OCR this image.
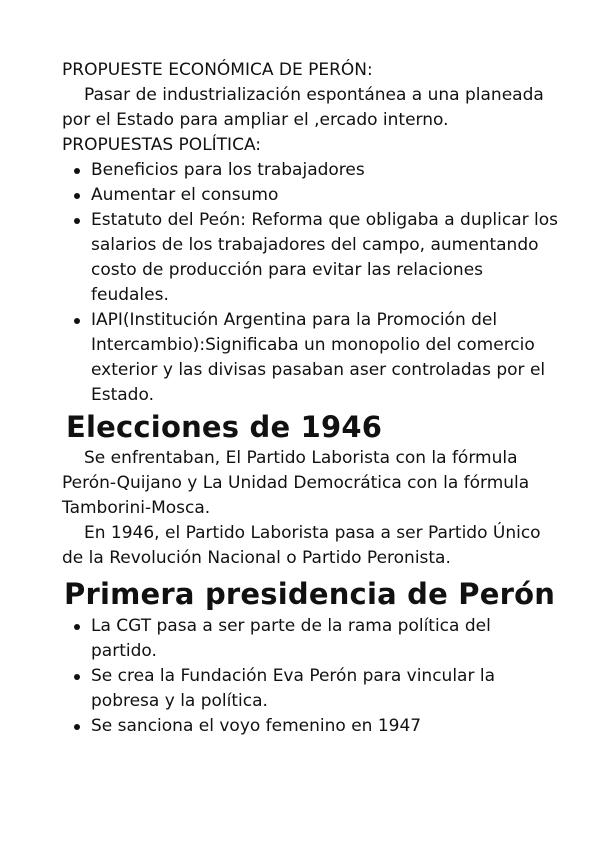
PROPUESTE ECONÓMICA DE PERÓN:

Pasar de industrialización espontánea a una planeada por el Estado para ampliar el ,ercado interno.

PROPUESTAS POLÍTICA:

Beneficios para los trabajadores
Aumentar el consumo
Estatuto del Peón: Reforma que obligaba a duplicar los salarios de los trabajadores del campo, aumentando costo de producción para evitar las relaciones feudales.
IAPI(Institución Argentina para la Promoción del Intercambio):Significaba un monopolio del comercio exterior y las divisas pasaban aser controladas por el Estado.
Elecciones de 1946

Se enfrentaban, El Partido Laborista con la fórmula Perón-Quijano y La Unidad Democrática con la fórmula Tamborini-Mosca.

En 1946, el Partido Laborista pasa a ser Partido Único de la Revolución Nacional o Partido Peronista.

Primera presidencia de Perón
La CGT pasa a ser parte de la rama política del partido.
Se crea la Fundación Eva Perón para vincular la pobresa y la política.
Se sanciona el voyo femenino en 1947
